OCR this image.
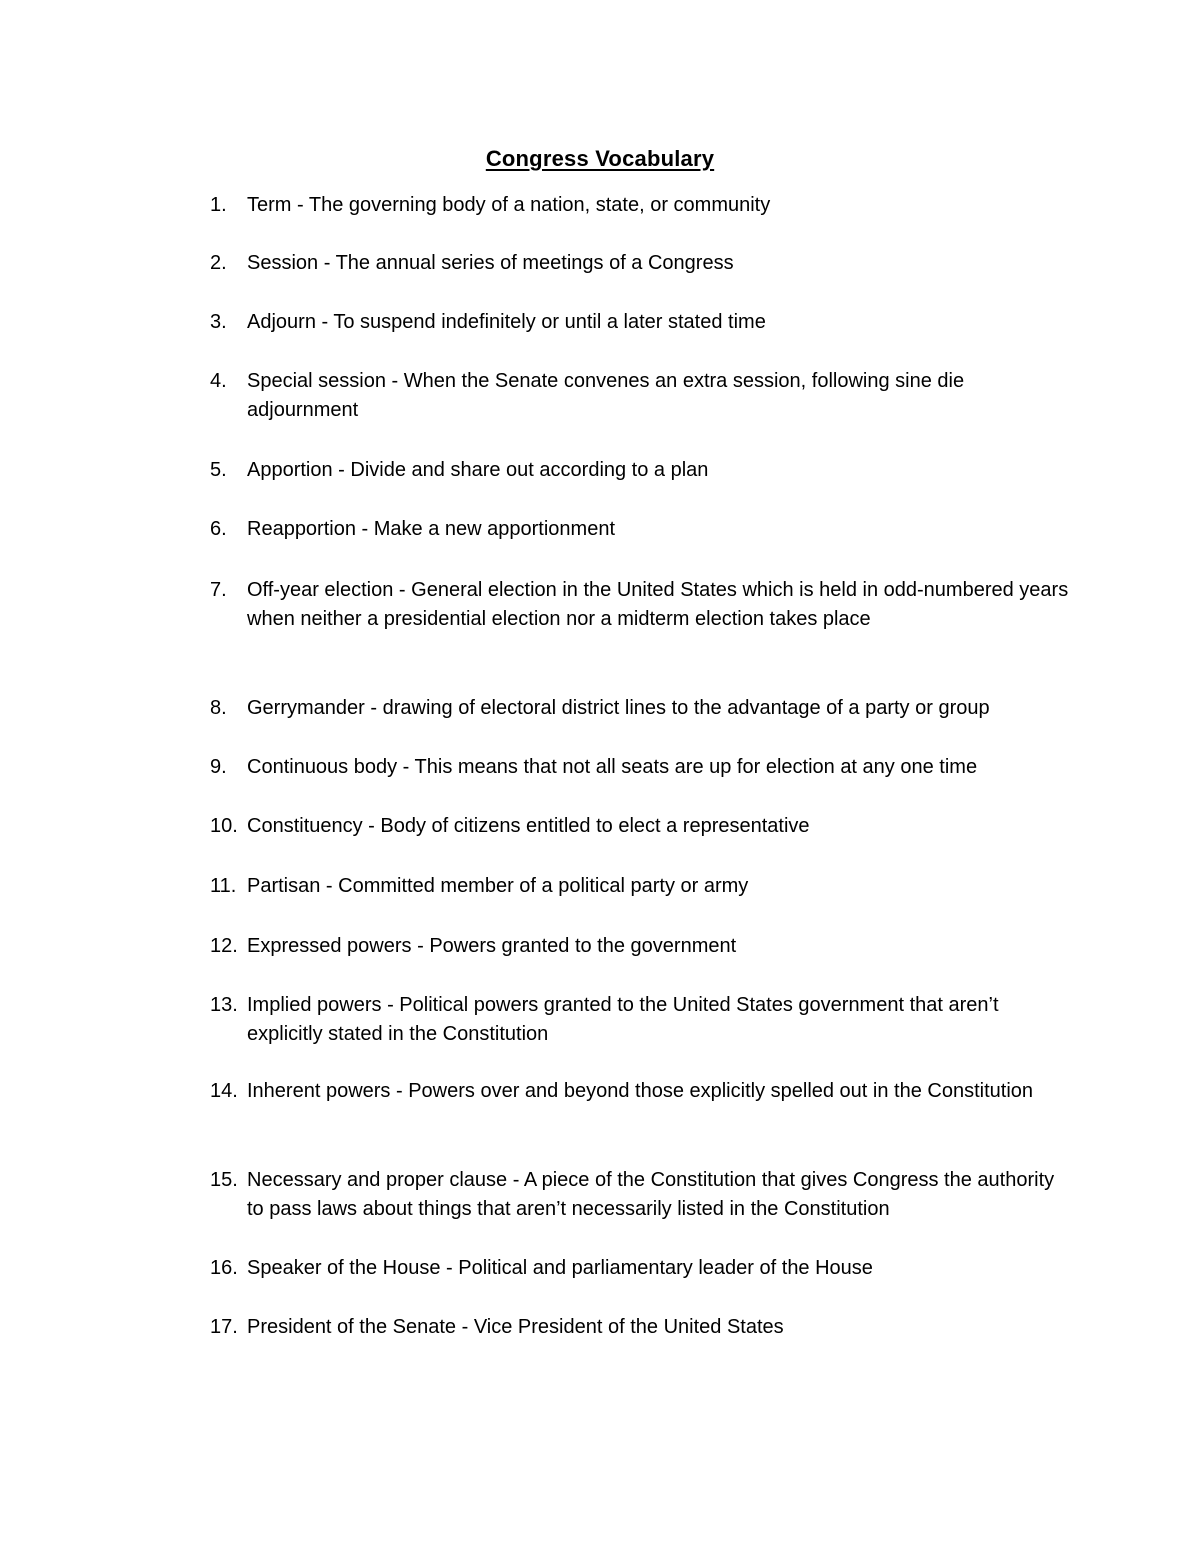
Congress Vocabulary
1.	Term - The governing body of a nation, state, or community
2.	Session - The annual series of meetings of a Congress
3.	Adjourn - To suspend indefinitely or until a later stated time
4.	Special session - When the Senate convenes an extra session, following sine die adjournment
5.	Apportion - Divide and share out according to a plan
6.	Reapportion - Make a new apportionment
7.	Off-year election - General election in the United States which is held in odd-numbered years when neither a presidential election nor a midterm election takes place
8.	Gerrymander - drawing of electoral district lines to the advantage of a party or group
9.	Continuous body - This means that not all seats are up for election at any one time
10. Constituency - Body of citizens entitled to elect a representative
11. Partisan - Committed member of a political party or army
12. Expressed powers - Powers granted to the government
13. Implied powers - Political powers granted to the United States government that aren’t explicitly stated in the Constitution
14. Inherent powers - Powers over and beyond those explicitly spelled out in the Constitution
15. Necessary and proper clause - A piece of the Constitution that gives Congress the authority to pass laws about things that aren’t necessarily listed in the Constitution
16. Speaker of the House - Political and parliamentary leader of the House
17. President of the Senate - Vice President of the United States
